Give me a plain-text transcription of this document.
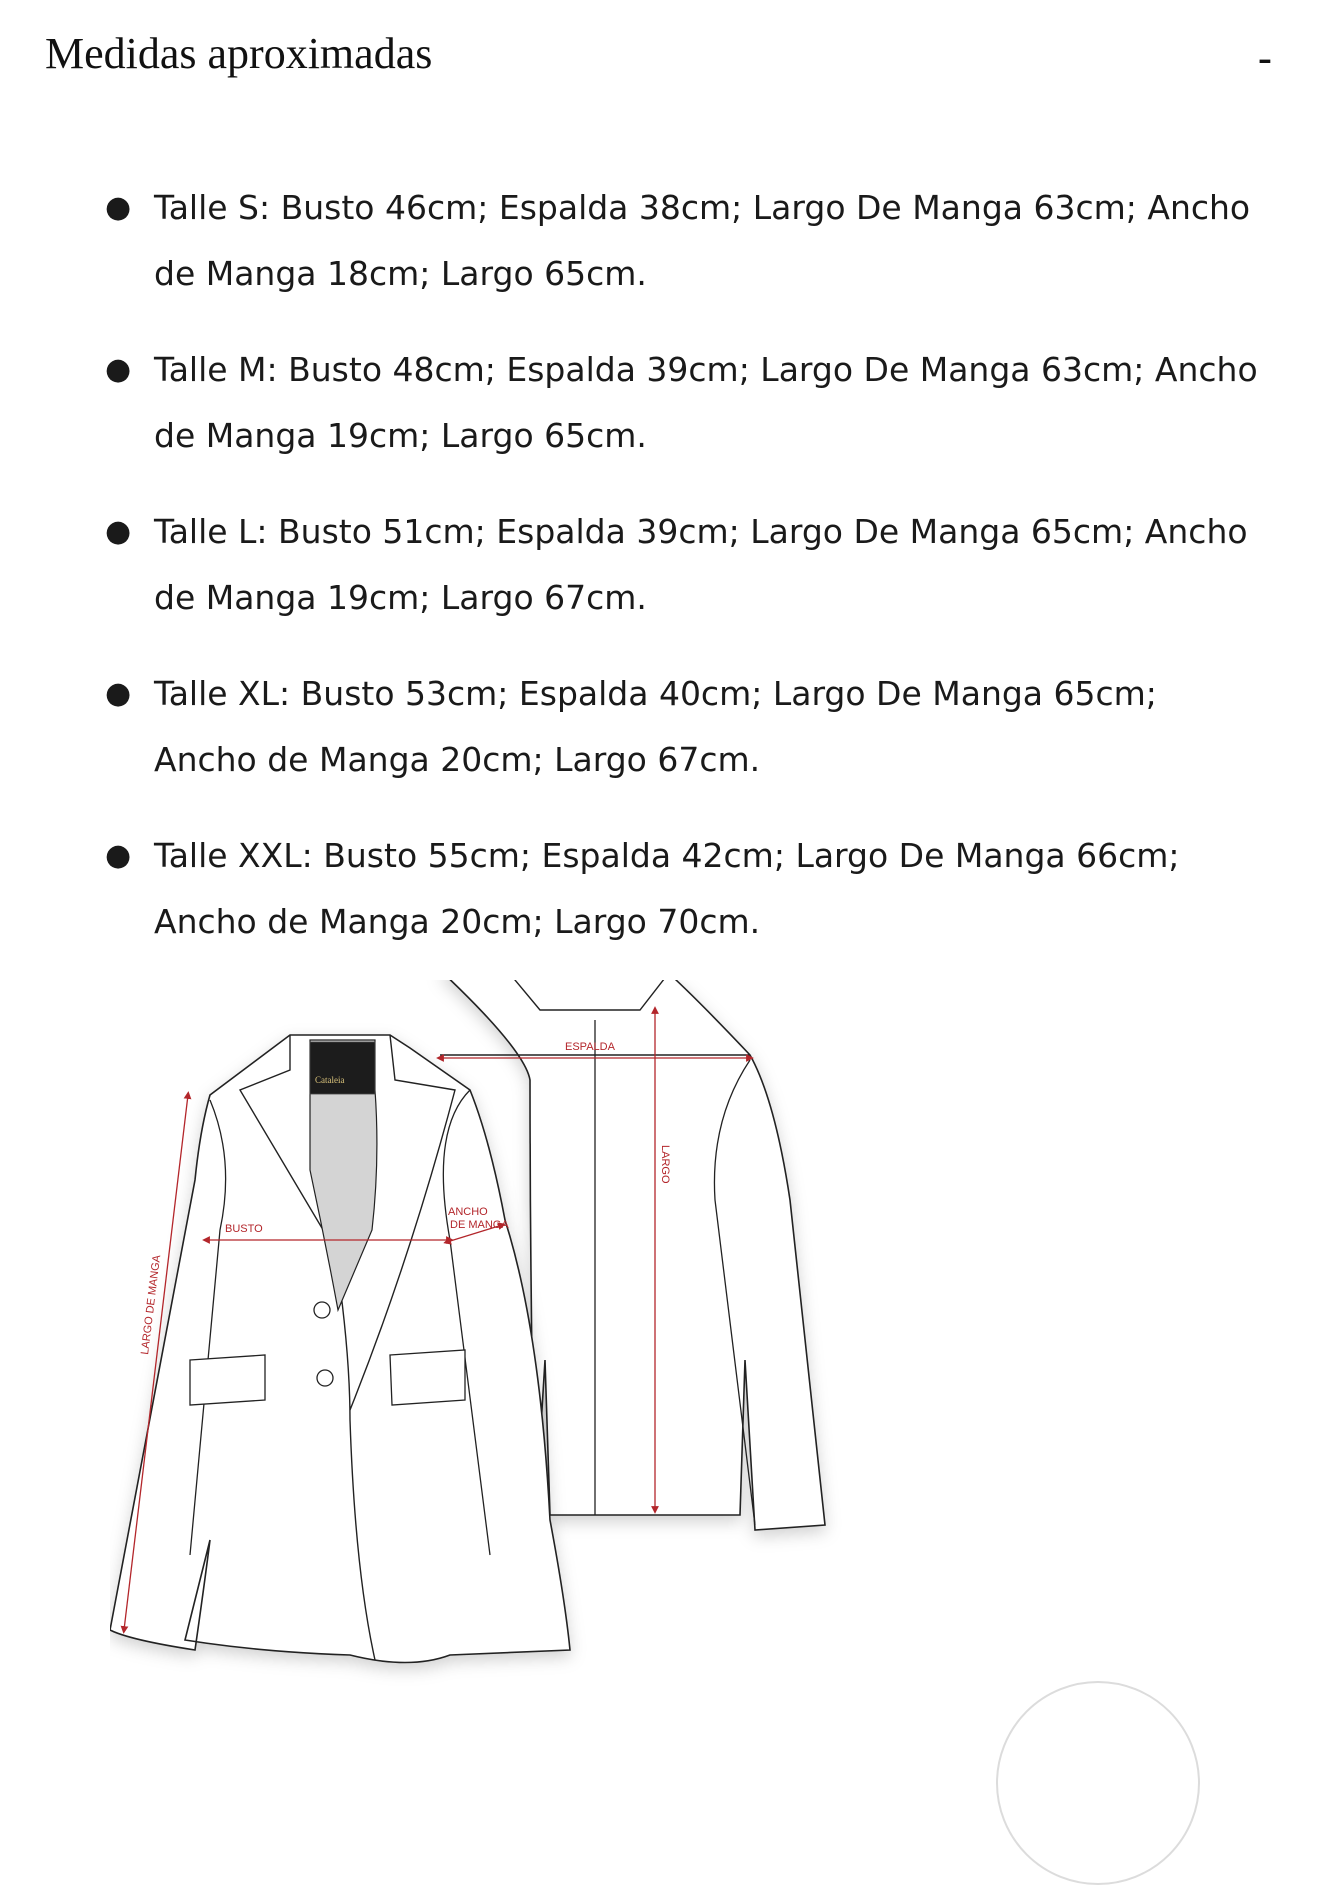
Medidas aproximadas	-
● Talle S: Busto 46cm; Espalda 38cm; Largo De Manga 63cm; Ancho de Manga 18cm; Largo 65cm.
● Talle M: Busto 48cm; Espalda 39cm; Largo De Manga 63cm; Ancho de Manga 19cm; Largo 65cm.
● Talle L: Busto 51cm; Espalda 39cm; Largo De Manga 65cm; Ancho de Manga 19cm; Largo 67cm.
● Talle XL: Busto 53cm; Espalda 40cm; Largo De Manga 65cm; Ancho de Manga 20cm; Largo 67cm.
● Talle XXL: Busto 55cm; Espalda 42cm; Largo De Manga 66cm; Ancho de Manga 20cm; Largo 70cm.
ESPALDA
LARGO
Cataleia
BUSTO
ANCHO
DE MANGA
LARGO DE MANGA
